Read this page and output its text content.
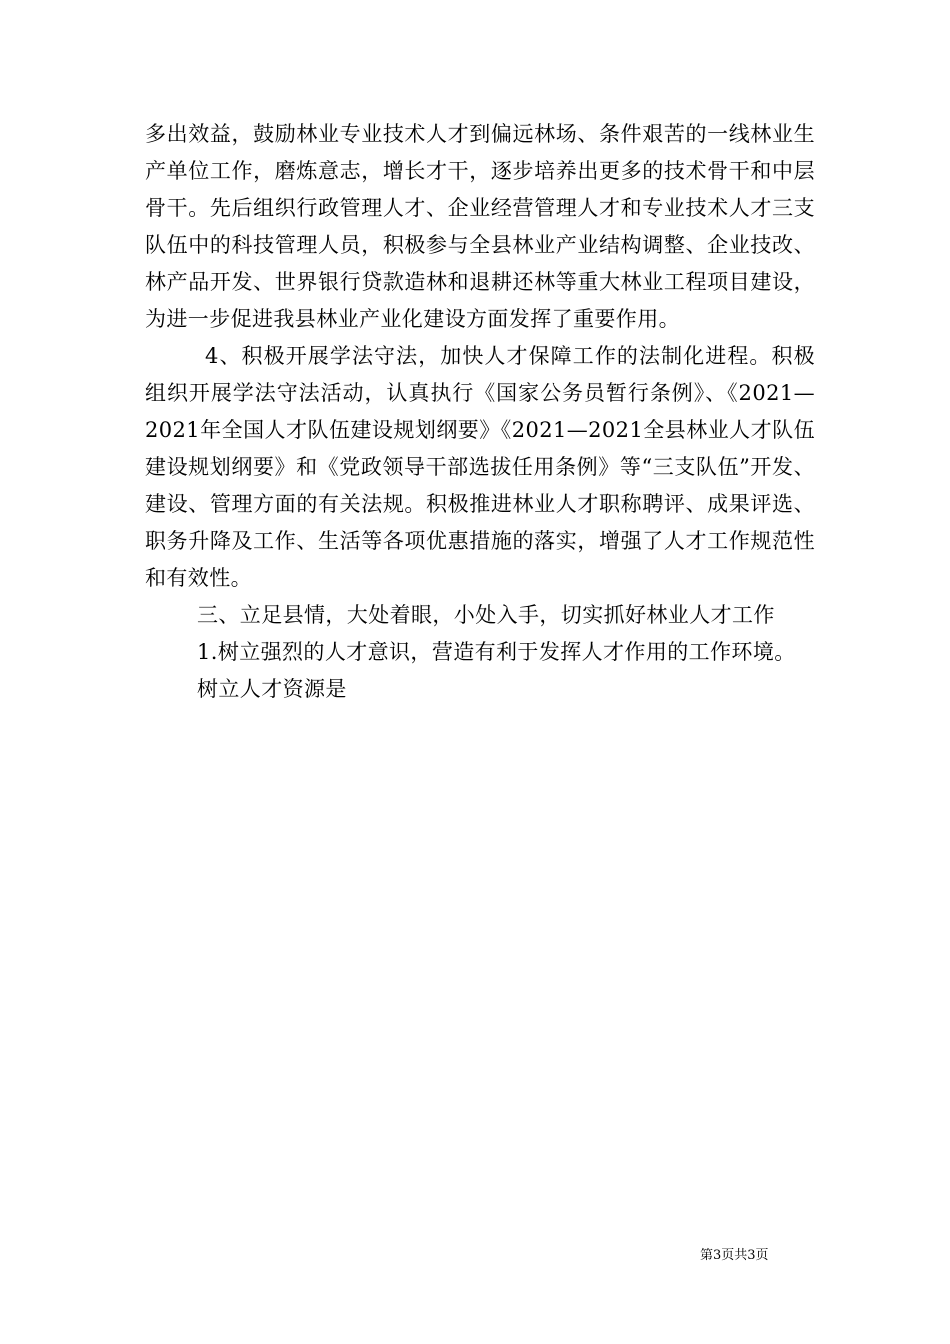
多出效益，鼓励林业专业技术人才到偏远林场、条件艰苦的一线林业生产单位工作，磨炼意志，增长才干，逐步培养出更多的技术骨干和中层骨干。先后组织行政管理人才、企业经营管理人才和专业技术人才三支队伍中的科技管理人员，积极参与全县林业产业结构调整、企业技改、林产品开发、世界银行贷款造林和退耕还林等重大林业工程项目建设，为进一步促进我县林业产业化建设方面发挥了重要作用。

4、积极开展学法守法，加快人才保障工作的法制化进程。积极组织开展学法守法活动，认真执行《国家公务员暂行条例》、《2021—2021年全国人才队伍建设规划纲要》《2021—2021全县林业人才队伍建设规划纲要》和《党政领导干部选拔任用条例》等“三支队伍”开发、建设、管理方面的有关法规。积极推进林业人才职称聘评、成果评选、职务升降及工作、生活等各项优惠措施的落实，增强了人才工作规范性和有效性。

三、立足县情，大处着眼，小处入手，切实抓好林业人才工作

1.树立强烈的人才意识，营造有利于发挥人才作用的工作环境。

树立人才资源是

第3页共3页
